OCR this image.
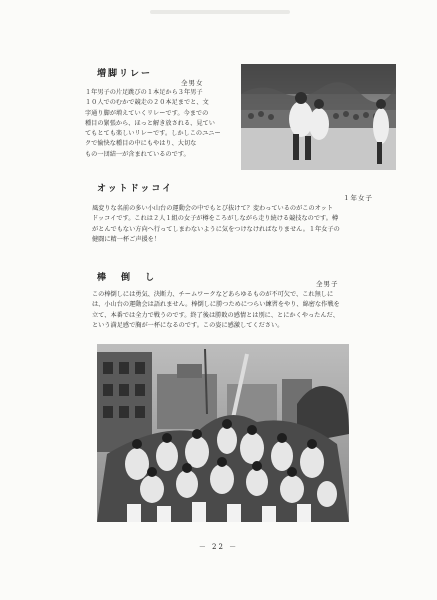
増脚リレー
全男女
１年男子の片足跳びの１本足から３年男子
１０人でのむかで競走の２０本足までと、文
字通り脚が増えていくリレーです。今までの
種目の緊張から、ほっと解き放される、見てい
てもとても楽しいリレーです。しかしこのユニー
クで愉快な種目の中にもやはり、大切な
もの一団結一が含まれているのです。
オットドッコイ
１年女子
風変りな名前の多い小山台の運動会の中でもとび抜けて？変わっているのがこのオット
ドッコイです。これは２人１組の女子が樽をころがしながら走り続ける競技なのです。樽
がとんでもない方向へ行ってしまわないように気をつけなければなりません。１年女子の
健闘に精一杯ご声援を！
棒　倒　し
全男子
この棒倒しには勇気、決断力、チームワークなどあらゆるものが不可欠で、これ無しに
は、小山台の運動会は語れません。棒倒しに勝つためにつらい練習をやり、綿密な作戦を
立て、本番では全力で戦うのです。終了後は勝敗の感情とは別に、とにかくやったんだ、
という満足感で胸が一杯になるのです。この姿に感激してください。
－ 22 －
